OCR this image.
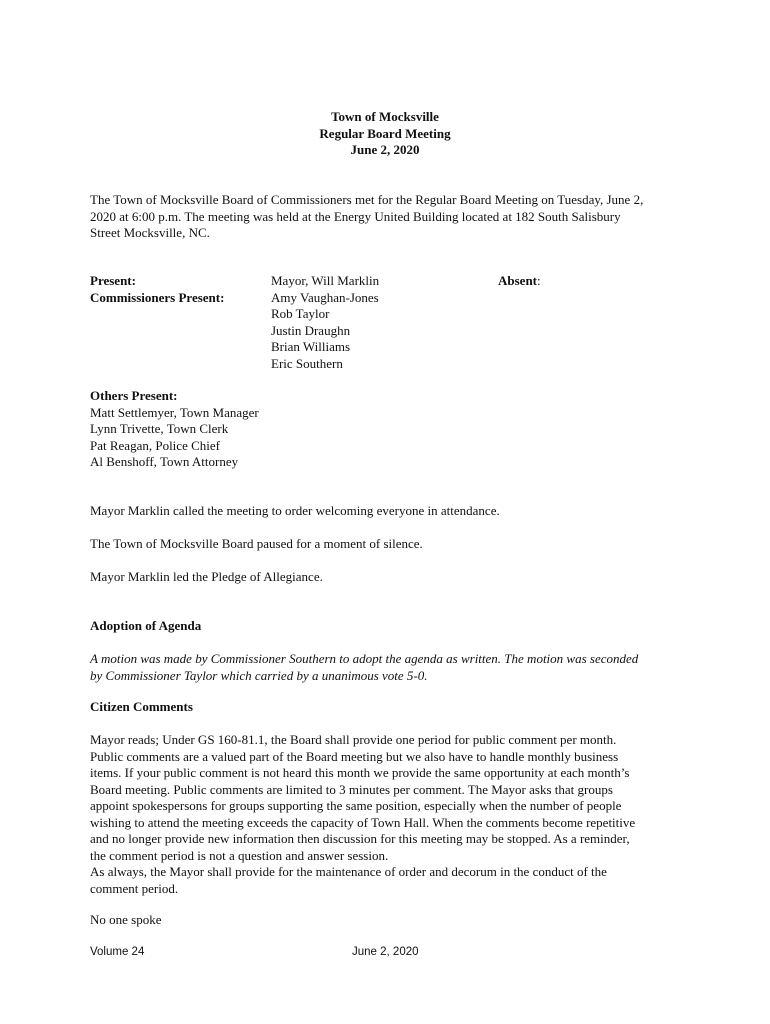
Town of Mocksville
Regular Board Meeting
June 2, 2020
The Town of Mocksville Board of Commissioners met for the Regular Board Meeting on Tuesday, June 2,
2020 at 6:00 p.m. The meeting was held at the Energy United Building located at 182 South Salisbury
Street Mocksville, NC.
Present:
Commissioners Present:
Mayor, Will Marklin
Amy Vaughan-Jones
Rob Taylor
Justin Draughn
Brian Williams
Eric Southern
Absent:
Others Present:
Matt Settlemyer, Town Manager
Lynn Trivette, Town Clerk
Pat Reagan, Police Chief
Al Benshoff, Town Attorney
Mayor Marklin called the meeting to order welcoming everyone in attendance.
The Town of Mocksville Board paused for a moment of silence.
Mayor Marklin led the Pledge of Allegiance.
Adoption of Agenda
A motion was made by Commissioner Southern to adopt the agenda as written. The motion was seconded
by Commissioner Taylor which carried by a unanimous vote 5-0.
Citizen Comments
Mayor reads; Under GS 160-81.1, the Board shall provide one period for public comment per month.
Public comments are a valued part of the Board meeting but we also have to handle monthly business
items. If your public comment is not heard this month we provide the same opportunity at each month’s
Board meeting. Public comments are limited to 3 minutes per comment. The Mayor asks that groups
appoint spokespersons for groups supporting the same position, especially when the number of people
wishing to attend the meeting exceeds the capacity of Town Hall. When the comments become repetitive
and no longer provide new information then discussion for this meeting may be stopped. As a reminder,
the comment period is not a question and answer session.
As always, the Mayor shall provide for the maintenance of order and decorum in the conduct of the
comment period.
No one spoke
Volume 24	June 2, 2020
